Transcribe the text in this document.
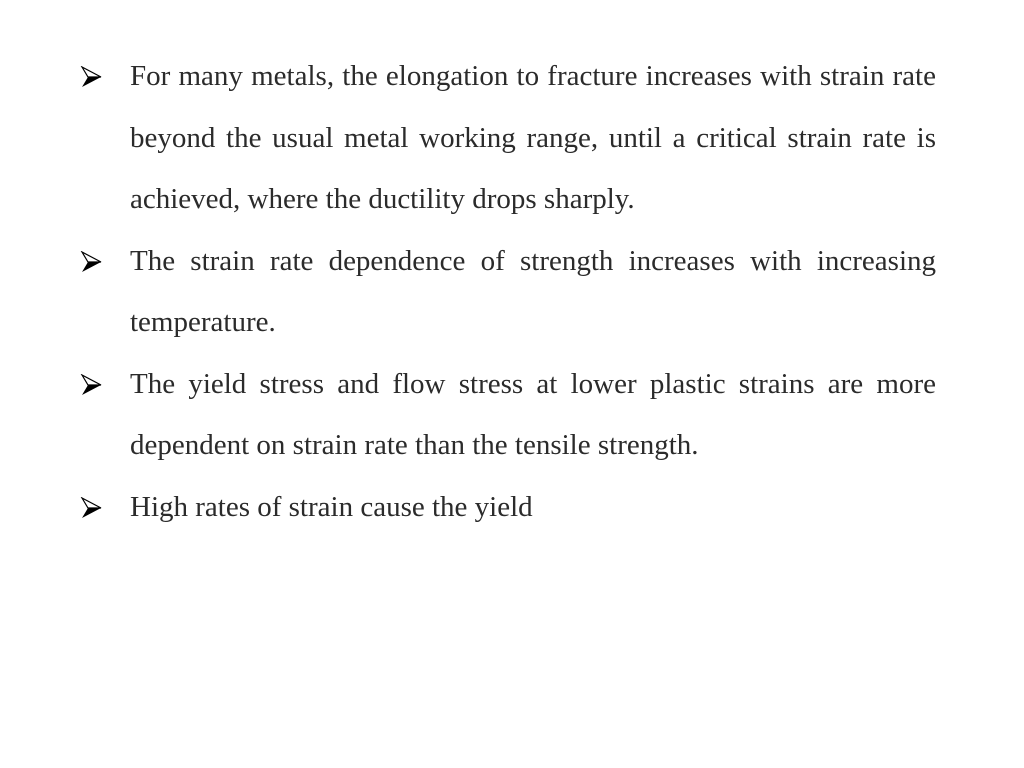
For many metals, the elongation to fracture increases with strain rate beyond the usual metal working range, until a critical strain rate is achieved, where the ductility drops sharply.
The strain rate dependence of strength increases with increasing temperature.
The yield stress and flow stress at lower plastic strains are more dependent on strain rate than the tensile strength.
High rates of strain cause the yield
